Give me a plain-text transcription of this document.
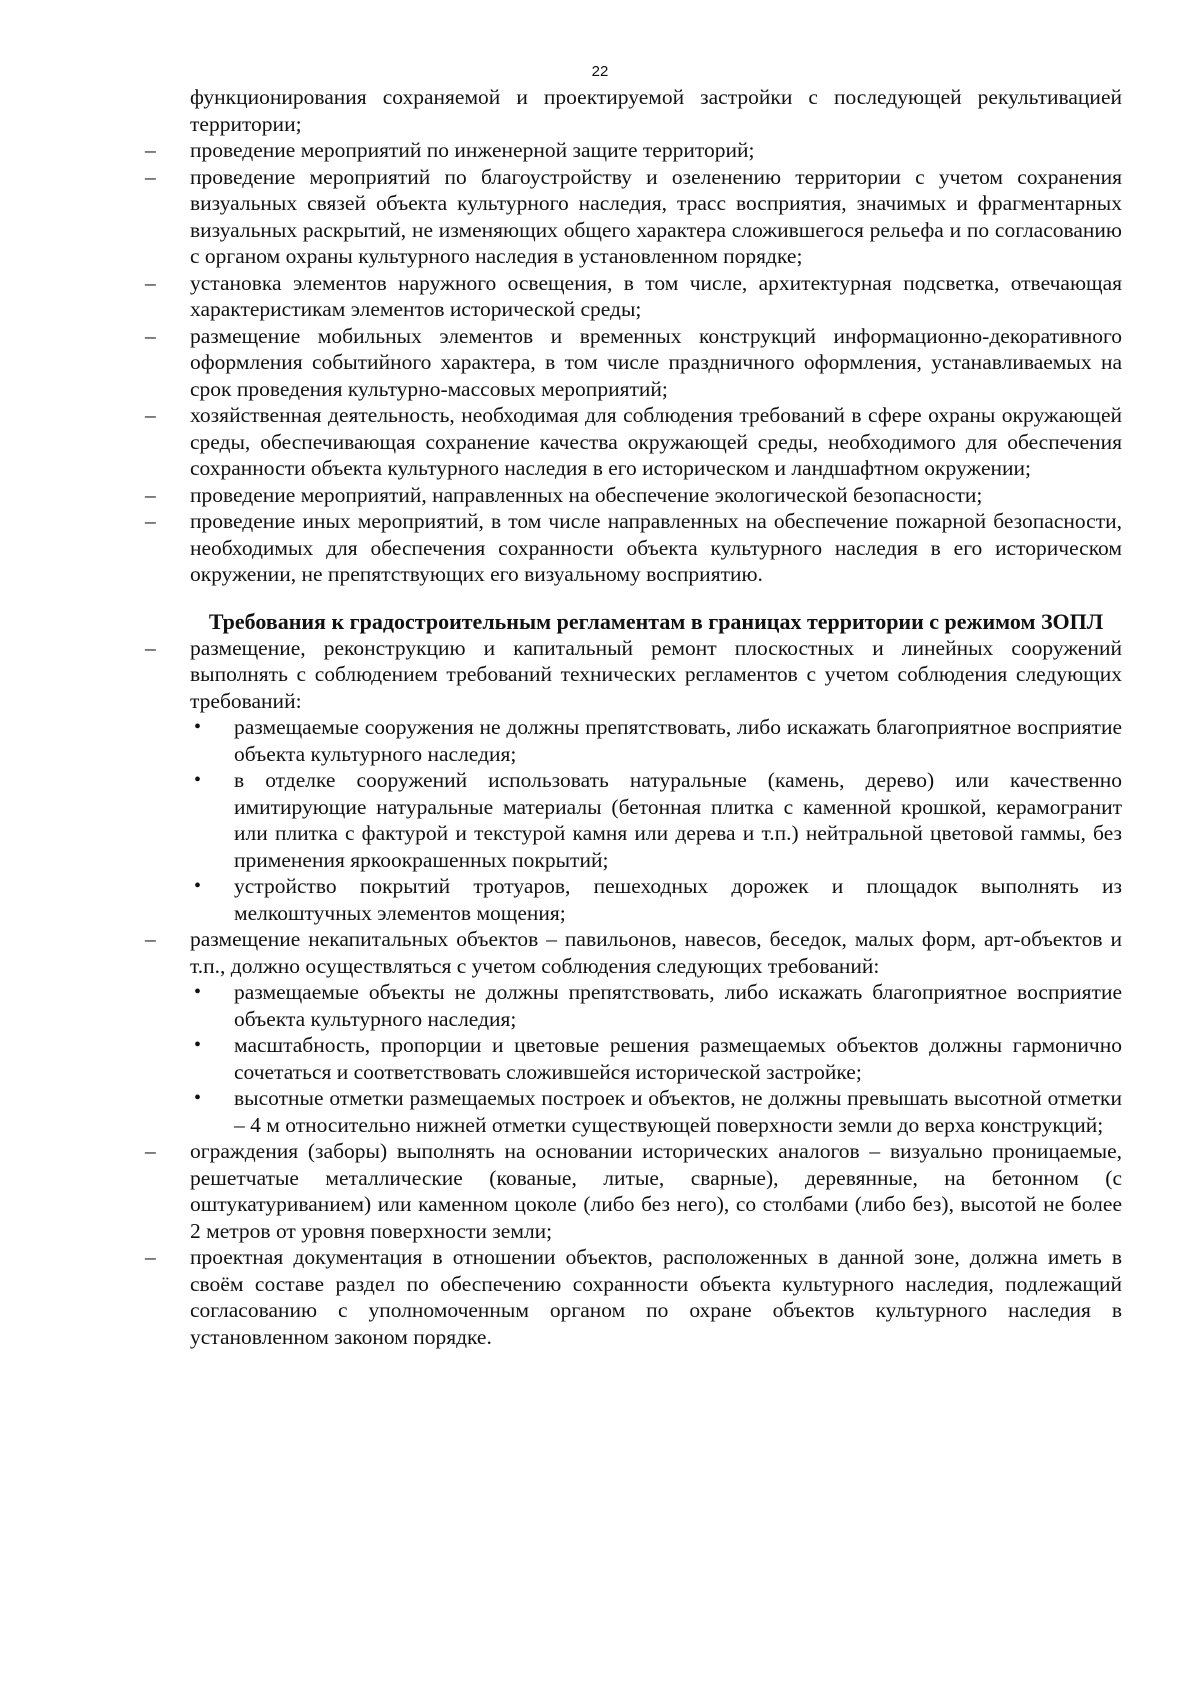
22

функционирования сохраняемой и проектируемой застройки с последующей рекультивацией территории;

– проведение мероприятий по инженерной защите территорий;

– проведение мероприятий по благоустройству и озеленению территории с учетом сохранения визуальных связей объекта культурного наследия, трасс восприятия, значимых и фрагментарных визуальных раскрытий, не изменяющих общего характера сложившегося рельефа и по согласованию с органом охраны культурного наследия в установленном порядке;

– установка элементов наружного освещения, в том числе, архитектурная подсветка, отвечающая характеристикам элементов исторической среды;

– размещение мобильных элементов и временных конструкций информационно-декоративного оформления событийного характера, в том числе праздничного оформления, устанавливаемых на срок проведения культурно-массовых мероприятий;

– хозяйственная деятельность, необходимая для соблюдения требований в сфере охраны окружающей среды, обеспечивающая сохранение качества окружающей среды, необходимого для обеспечения сохранности объекта культурного наследия в его историческом и ландшафтном окружении;

– проведение мероприятий, направленных на обеспечение экологической безопасности;

– проведение иных мероприятий, в том числе направленных на обеспечение пожарной безопасности, необходимых для обеспечения сохранности объекта культурного наследия в его историческом окружении, не препятствующих его визуальному восприятию.

Требования к градостроительным регламентам в границах территории с режимом ЗОПЛ

– размещение, реконструкцию и капитальный ремонт плоскостных и линейных сооружений выполнять с соблюдением требований технических регламентов с учетом соблюдения следующих требований:

• размещаемые сооружения не должны препятствовать, либо искажать благоприятное восприятие объекта культурного наследия;

• в отделке сооружений использовать натуральные (камень, дерево) или качественно имитирующие натуральные материалы (бетонная плитка с каменной крошкой, керамогранит или плитка с фактурой и текстурой камня или дерева и т.п.) нейтральной цветовой гаммы, без применения яркоокрашенных покрытий;

• устройство покрытий тротуаров, пешеходных дорожек и площадок выполнять из мелкоштучных элементов мощения;

– размещение некапитальных объектов – павильонов, навесов, беседок, малых форм, арт-объектов и т.п., должно осуществляться с учетом соблюдения следующих требований:

• размещаемые объекты не должны препятствовать, либо искажать благоприятное восприятие объекта культурного наследия;

• масштабность, пропорции и цветовые решения размещаемых объектов должны гармонично сочетаться и соответствовать сложившейся исторической застройке;

• высотные отметки размещаемых построек и объектов, не должны превышать высотной отметки – 4 м относительно нижней отметки существующей поверхности земли до верха конструкций;

– ограждения (заборы) выполнять на основании исторических аналогов – визуально проницаемые, решетчатые металлические (кованые, литые, сварные), деревянные, на бетонном (с оштукатуриванием) или каменном цоколе (либо без него), со столбами (либо без), высотой не более 2 метров от уровня поверхности земли;

– проектная документация в отношении объектов, расположенных в данной зоне, должна иметь в своём составе раздел по обеспечению сохранности объекта культурного наследия, подлежащий согласованию с уполномоченным органом по охране объектов культурного наследия в установленном законом порядке.
